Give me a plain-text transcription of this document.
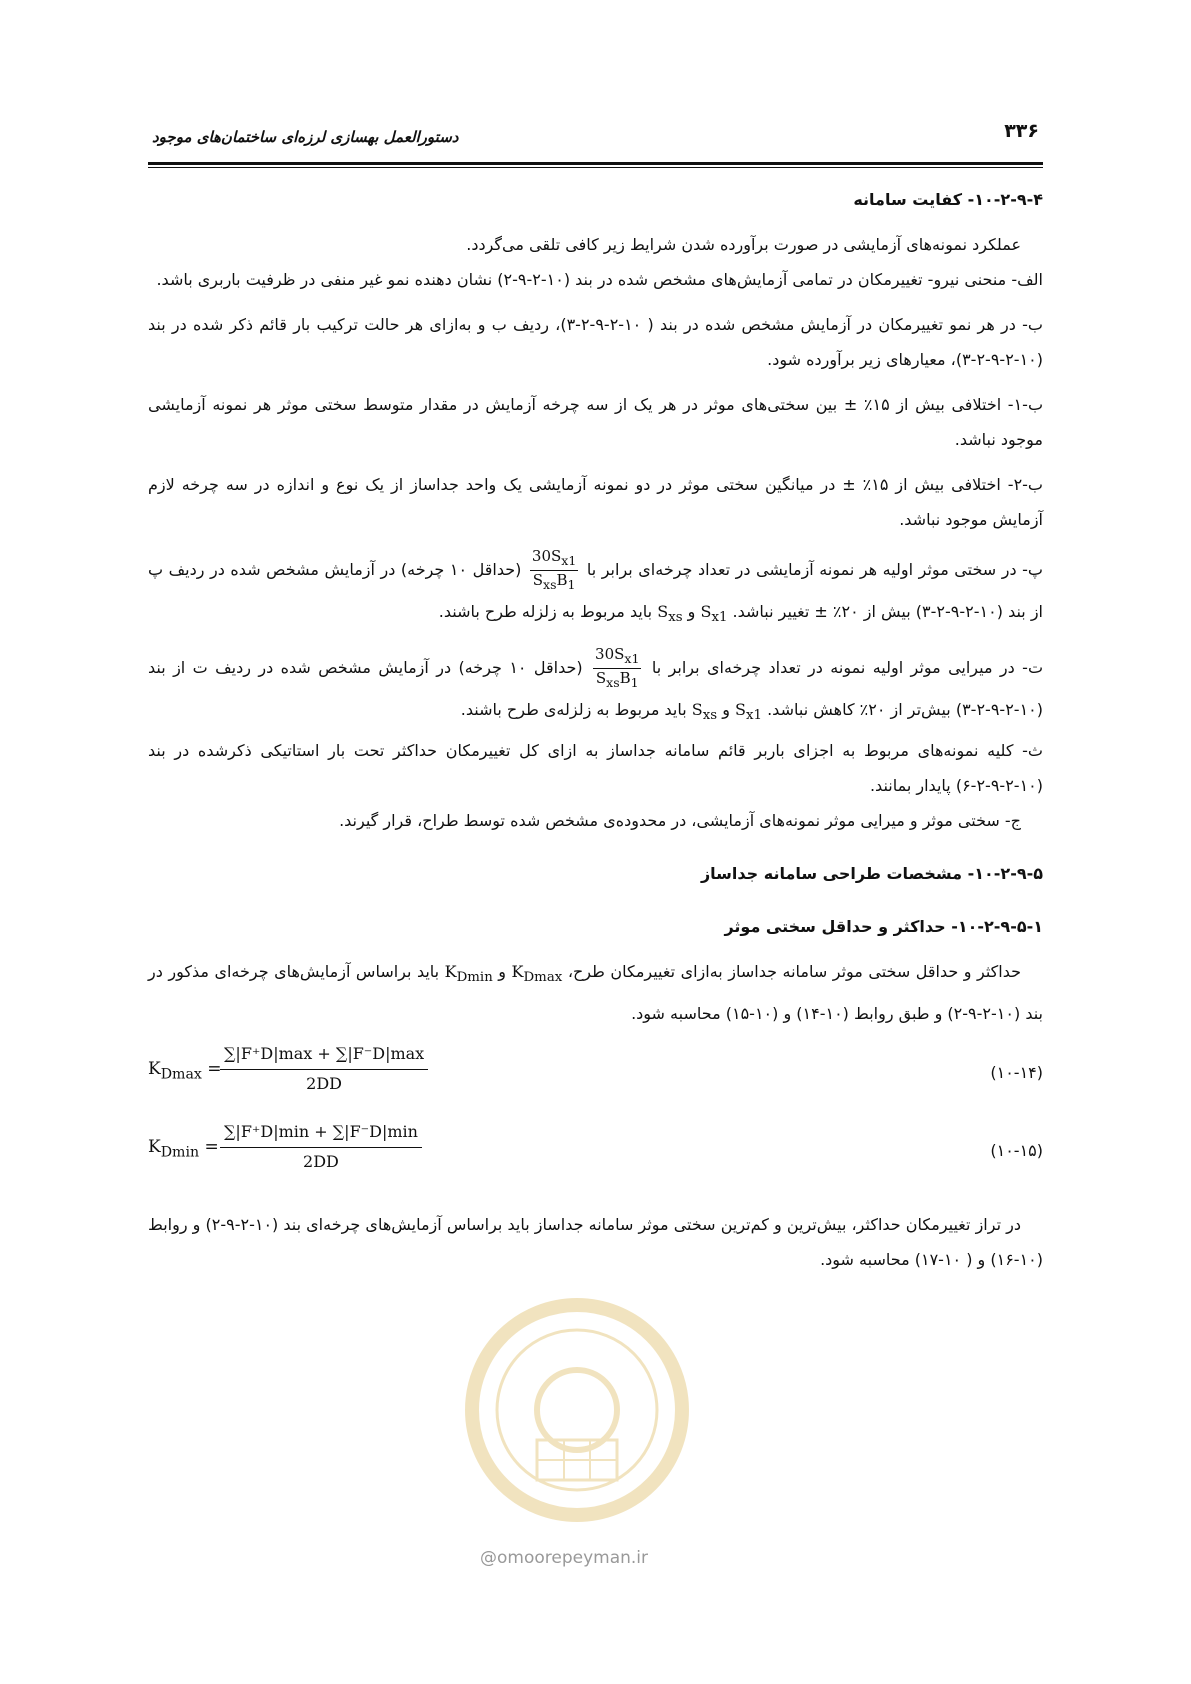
۳۳۶
دستورالعمل بهسازی لرزه‌ای ساختمان‌های موجود

۱۰-۲-۹-۴- کفایت سامانه

عملکرد نمونه‌های آزمایشی در صورت برآورده شدن شرایط زیر کافی تلقی می‌گردد.

الف- منحنی نیرو- تغییرمکان در تمامی آزمایش‌های مشخص شده در بند (۱۰-۲-۹-۲) نشان دهنده نمو غیر منفی در ظرفیت باربری باشد.

ب- در هر نمو تغییرمکان در آزمایش مشخص شده در بند ( ۱۰-۲-۹-۲-۳)، ردیف ب و به‌ازای هر حالت ترکیب بار قائم ذکر شده در بند (۱۰-۲-۹-۲-۳)، معیارهای زیر برآورده شود.

ب-۱- اختلافی بیش از ۱۵٪ ± بین سختی‌های موثر در هر یک از سه چرخه آزمایش در مقدار متوسط سختی موثر هر نمونه آزمایشی موجود نباشد.

ب-۲- اختلافی بیش از ۱۵٪ ± در میانگین سختی موثر در دو نمونه آزمایشی یک واحد جداساز از یک نوع و اندازه در سه چرخه لازم آزمایش موجود نباشد.

پ- در سختی موثر اولیه هر نمونه آزمایشی در تعداد چرخه‌ای برابر با
$\frac{30S_{x1}}{S_{xs}B_1}$
(حداقل ۱۰ چرخه) در آزمایش مشخص شده در ردیف پ از بند (۱۰-۲-۹-۲-۳) بیش از ۲۰٪ ± تغییر نباشد. $S_{x1}$ و $S_{xs}$ باید مربوط به زلزله طرح باشند.

ت- در میرایی موثر اولیه نمونه در تعداد چرخه‌ای برابر با
$\frac{30S_{x1}}{S_{xs}B_1}$
(حداقل ۱۰ چرخه) در آزمایش مشخص شده در ردیف ت از بند (۱۰-۲-۹-۲-۳) بیش‌تر از ۲۰٪ کاهش نباشد. $S_{x1}$ و $S_{xs}$ باید مربوط به زلزله‌ی طرح باشند.

ث- کلیه نمونه‌های مربوط به اجزای باربر قائم سامانه جداساز به ازای کل تغییرمکان حداکثر تحت بار استاتیکی ذکرشده در بند (۱۰-۲-۹-۲-۶) پایدار بمانند.

ج- سختی موثر و میرایی موثر نمونه‌های آزمایشی، در محدوده‌ی مشخص شده توسط طراح، قرار گیرند.

۱۰-۲-۹-۵- مشخصات طراحی سامانه جداساز

۱۰-۲-۹-۵-۱- حداکثر و حداقل سختی موثر

حداکثر و حداقل سختی موثر سامانه جداساز به‌ازای تغییرمکان طرح، $K_{Dmax}$ و $K_{Dmin}$ باید براساس آزمایش‌های چرخه‌ای مذکور در بند (۱۰-۲-۹-۲) و طبق روابط (۱۰-۱۴) و (۱۰-۱۵) محاسبه شود.

$K_{Dmax}$ =
∑|F⁺D|max + ∑|F⁻D|max
2DD
(۱۰-۱۴)
$K_{Dmin}$ =
∑|F⁺D|min + ∑|F⁻D|min
2DD
(۱۰-۱۵)

در تراز تغییرمکان حداکثر، بیش‌ترین و کم‌ترین سختی موثر سامانه جداساز باید براساس آزمایش‌های چرخه‌ای بند (۱۰-۲-۹-۲) و روابط (۱۰-۱۶) و ( ۱۰-۱۷) محاسبه شود.

@omoorepeyman.ir
